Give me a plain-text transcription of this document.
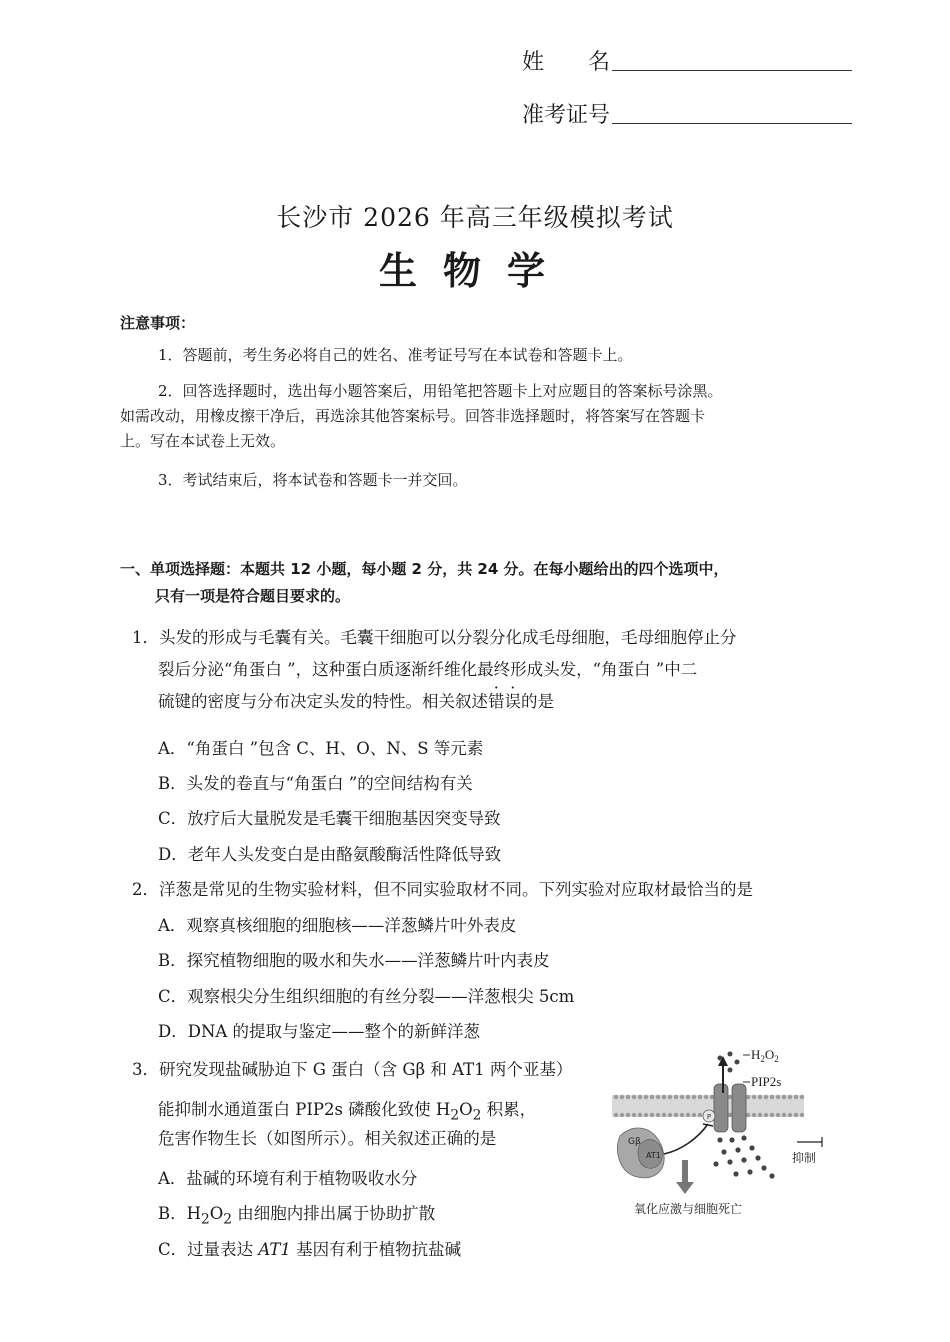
姓　　名
准考证号
长沙市 2026 年高三年级模拟考试
生物学
注意事项：
1．答题前，考生务必将自己的姓名、准考证号写在本试卷和答题卡上。
2．回答选择题时，选出每小题答案后，用铅笔把答题卡上对应题目的答案标号涂黑。
如需改动，用橡皮擦干净后，再选涂其他答案标号。回答非选择题时，将答案写在答题卡
上。写在本试卷上无效。
3．考试结束后，将本试卷和答题卡一并交回。
一、单项选择题：本题共 12 小题，每小题 2 分，共 24 分。在每小题给出的四个选项中，
只有一项是符合题目要求的。
1．头发的形成与毛囊有关。毛囊干细胞可以分裂分化成毛母细胞，毛母细胞停止分
裂后分泌“角蛋白 ”，这种蛋白质逐渐纤维化最终形成头发，“角蛋白 ”中二
硫键的密度与分布决定头发的特性。相关叙述错误的是
A．“角蛋白 ”包含 C、H、O、N、S 等元素
B．头发的卷直与“角蛋白 ”的空间结构有关
C．放疗后大量脱发是毛囊干细胞基因突变导致
D．老年人头发变白是由酪氨酸酶活性降低导致
2．洋葱是常见的生物实验材料，但不同实验取材不同。下列实验对应取材最恰当的是
A．观察真核细胞的细胞核——洋葱鳞片叶外表皮
B．探究植物细胞的吸水和失水——洋葱鳞片叶内表皮
C．观察根尖分生组织细胞的有丝分裂——洋葱根尖 5cm
D．DNA 的提取与鉴定——整个的新鲜洋葱
3．研究发现盐碱胁迫下 G 蛋白（含 Gβ 和 AT1 两个亚基）
能抑制水通道蛋白 PIP2s 磷酸化致使 $H_2O_2$ 积累，
危害作物生长（如图所示）。相关叙述正确的是
A．盐碱的环境有利于植物吸收水分
B．$H_2O_2$ 由细胞内排出属于协助扩散
C．过量表达 AT1 基因有利于植物抗盐碱
P
$H_2O_2$
PIP2s
Gβ
AT1	抑制
氧化应激与细胞死亡
